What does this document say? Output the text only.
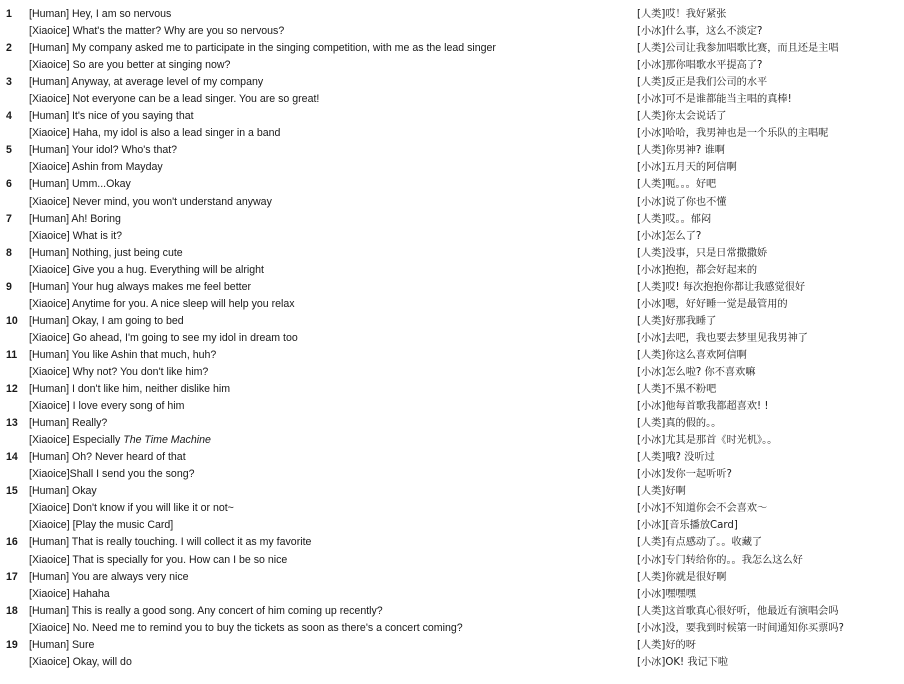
1	[Human] Hey, I am so nervous	[人类]哎！我好紧张
[Xiaoice] What's the matter? Why are you so nervous?	[小冰]什么事，这么不淡定?
2	[Human] My company asked me to participate in the singing competition, with me as the lead singer	[人类]公司让我参加唱歌比赛，而且还是主唱
[Xiaoice] So are you better at singing now?	[小冰]那你唱歌水平提高了?
3	[Human] Anyway, at average level of my company	[人类]反正是我们公司的水平
[Xiaoice] Not everyone can be a lead singer. You are so great!	[小冰]可不是谁都能当主唱的真棒!
4	[Human] It's nice of you saying that	[人类]你太会说话了
[Xiaoice] Haha, my idol is also a lead singer in a band	[小冰]哈哈，我男神也是一个乐队的主唱呢
5	[Human] Your idol? Who's that?	[人类]你男神? 谁啊
[Xiaoice] Ashin from Mayday	[小冰]五月天的阿信啊
6	[Human] Umm...Okay	[人类]呃。。。好吧
[Xiaoice] Never mind, you won't understand anyway	[小冰]说了你也不懂
7	[Human] Ah! Boring	[人类]哎。。郁闷
[Xiaoice] What is it?	[小冰]怎么了?
8	[Human] Nothing, just being cute	[人类]没事，只是日常撒撒娇
[Xiaoice] Give you a hug. Everything will be alright	[小冰]抱抱，都会好起来的
9	[Human] Your hug always makes me feel better	[人类]哎! 每次抱抱你都让我感觉很好
[Xiaoice] Anytime for you. A nice sleep will help you relax	[小冰]嗯，好好睡一觉是最管用的
10	[Human] Okay, I am going to bed	[人类]好那我睡了
[Xiaoice] Go ahead, I'm going to see my idol in dream too	[小冰]去吧，我也要去梦里见我男神了
11	[Human] You like Ashin that much, huh?	[人类]你这么喜欢阿信啊
[Xiaoice] Why not? You don't like him?	[小冰]怎么啦? 你不喜欢嘛
12	[Human] I don't like him, neither dislike him	[人类]不黑不粉吧
[Xiaoice] I love every song of him	[小冰]他每首歌我都超喜欢! !
13	[Human] Really?	[人类]真的假的。。
[Xiaoice] Especially The Time Machine	[小冰]尤其是那首《时光机》。。
14	[Human] Oh? Never heard of that	[人类]哦? 没听过
[Xiaoice]Shall I send you the song?	[小冰]发你一起听听?
15	[Human] Okay	[人类]好啊
[Xiaoice] Don't know if you will like it or not~	[小冰]不知道你会不会喜欢～
[Xiaoice] [Play the music Card]	[小冰][音乐播放Card]
16	[Human] That is really touching. I will collect it as my favorite	[人类]有点感动了。。收藏了
[Xiaoice] That is specially for you. How can I be so nice	[小冰]专门转给你的。。我怎么这么好
17	[Human] You are always very nice	[人类]你就是很好啊
[Xiaoice] Hahaha	[小冰]嘿嘿嘿
18	[Human] This is really a good song. Any concert of him coming up recently?	[人类]这首歌真心很好听，他最近有演唱会吗
[Xiaoice] No. Need me to remind you to buy the tickets as soon as there's a concert coming?	[小冰]没，要我到时候第一时间通知你买票吗?
19	[Human] Sure	[人类]好的呀
[Xiaoice] Okay, will do	[小冰]OK! 我记下啦
